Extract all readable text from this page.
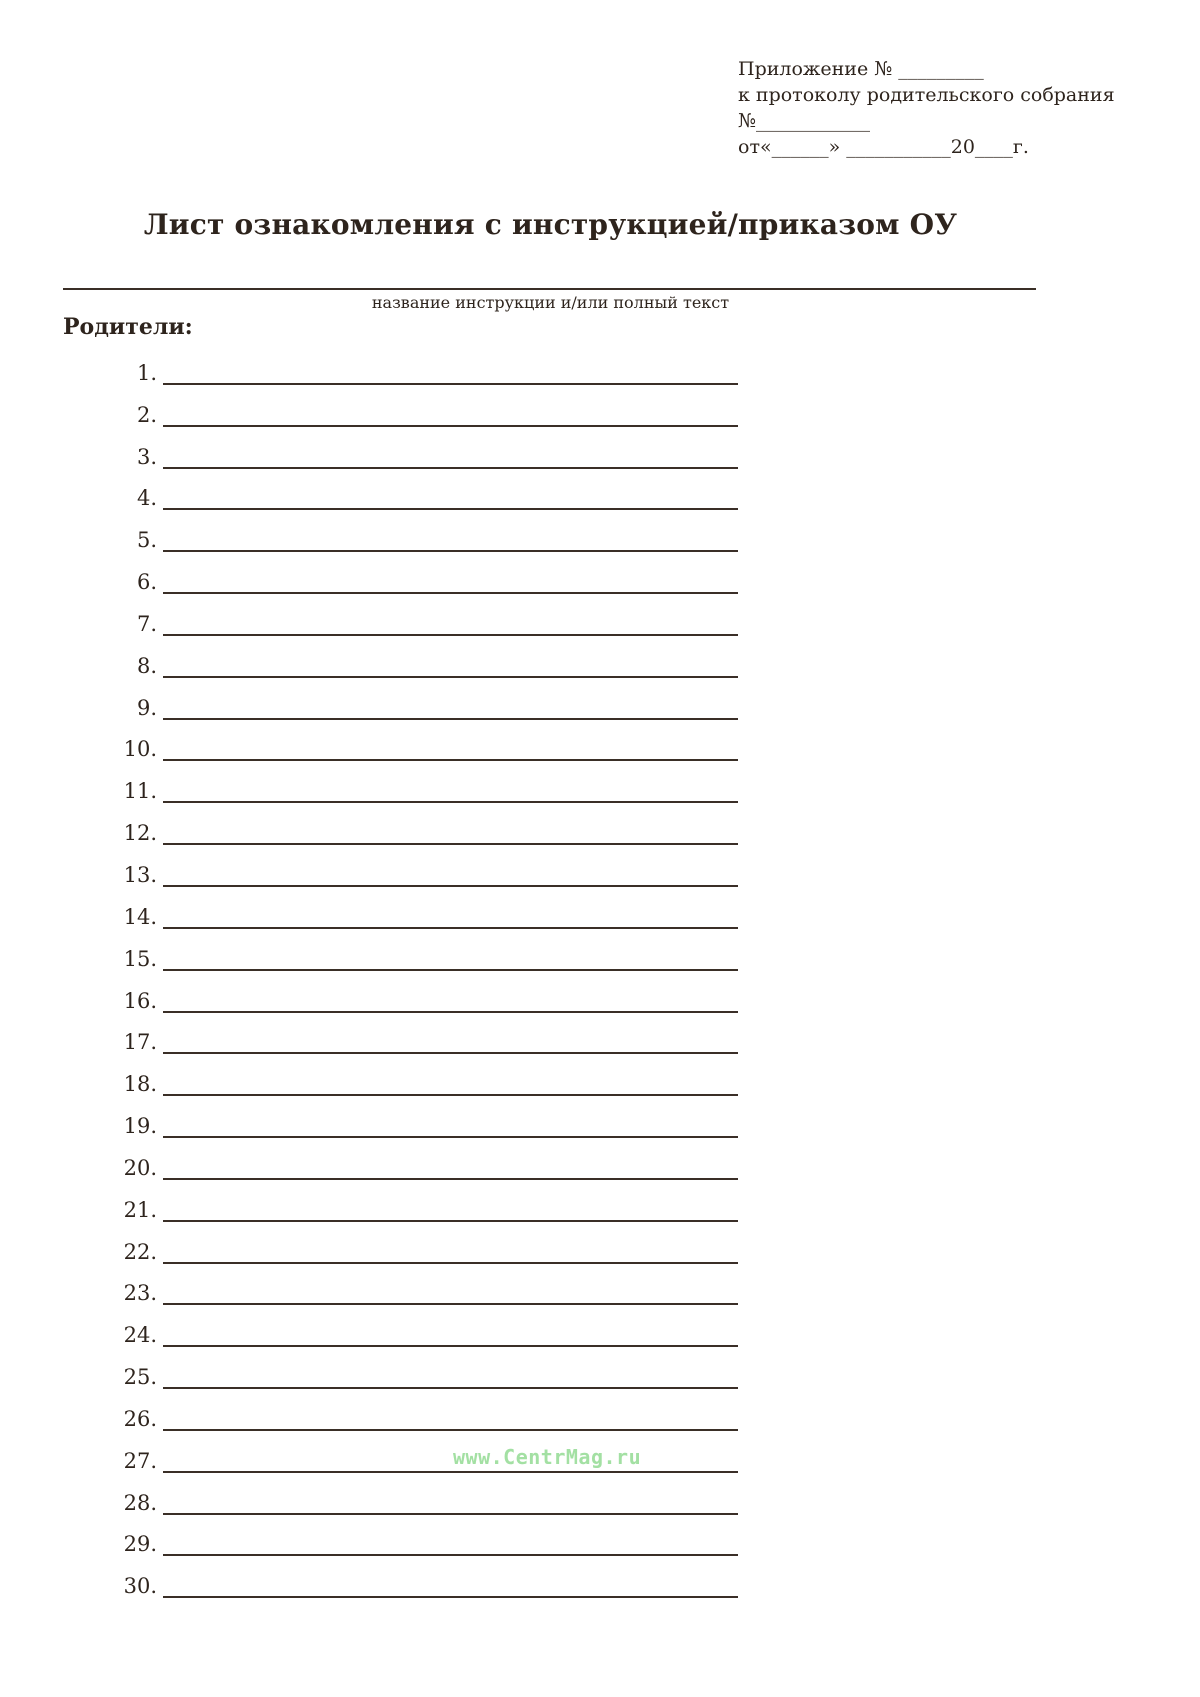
Приложение № _________
к протоколу родительского собрания
№____________
от«______» ___________20____г.
Лист ознакомления с инструкцией/приказом ОУ
название инструкции и/или полный текст
Родители:
1.
2.
3.
4.
5.
6.
7.
8.
9.
10.
11.
12.
13.
14.
15.
16.
17.
18.
19.
20.
21.
22.
23.
24.
25.
26.
27.
28.
29.
30.
www.CentrMag.ru
